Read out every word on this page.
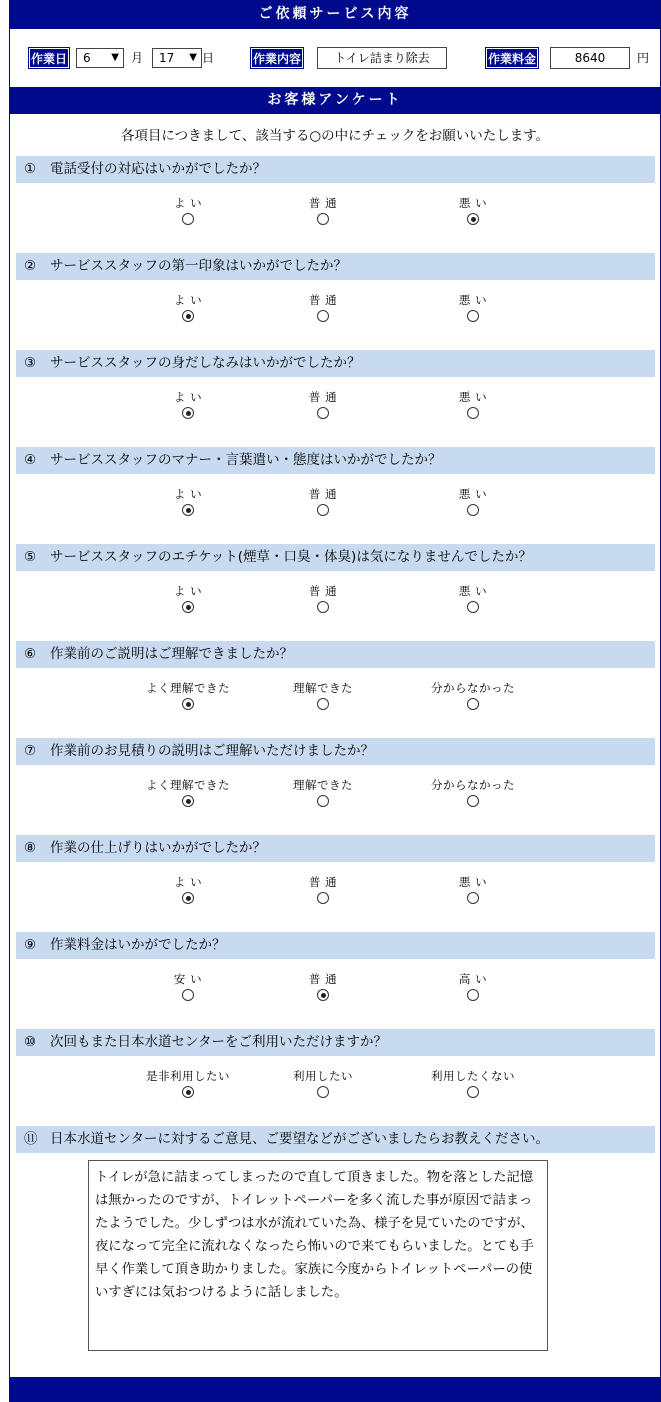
ご依頼サービス内容
作業日	6 ▼ 月	17 ▼ 日	作業内容	トイレ詰まり除去	作業料金	8640	円
お客様アンケート
各項目につきまして、該当する○の中にチェックをお願いいたします。
① 電話受付の対応はいかがでしたか？
よ い	普 通	悪 い
② サービススタッフの第一印象はいかがでしたか？
よ い	普 通	悪 い
③ サービススタッフの身だしなみはいかがでしたか？
よ い	普 通	悪 い
④ サービススタッフのマナー・言葉遣い・態度はいかがでしたか？
よ い	普 通	悪 い
⑤ サービススタッフのエチケット(煙草・口臭・体臭)は気になりませんでしたか？
よ い	普 通	悪 い
⑥ 作業前のご説明はご理解できましたか？
よく理解できた	理解できた	分からなかった
⑦ 作業前のお見積りの説明はご理解いただけましたか？
よく理解できた	理解できた	分からなかった
⑧ 作業の仕上げりはいかがでしたか？
よ い	普 通	悪 い
⑨ 作業料金はいかがでしたか？
安 い	普 通	高 い
⑩ 次回もまた日本水道センターをご利用いただけますか？
是非利用したい	利用したい	利用したくない
⑪ 日本水道センターに対するご意見、ご要望などがございましたらお教えください。
トイレが急に詰まってしまったので直して頂きました。物を落とした記憶は無かったのですが、トイレットペーパーを多く流した事が原因で詰まったようでした。少しずつは水が流れていた為、様子を見ていたのですが、夜になって完全に流れなくなったら怖いので来てもらいました。とても手早く作業して頂き助かりました。家族に今度からトイレットペーパーの使いすぎには気おつけるように話しました。
